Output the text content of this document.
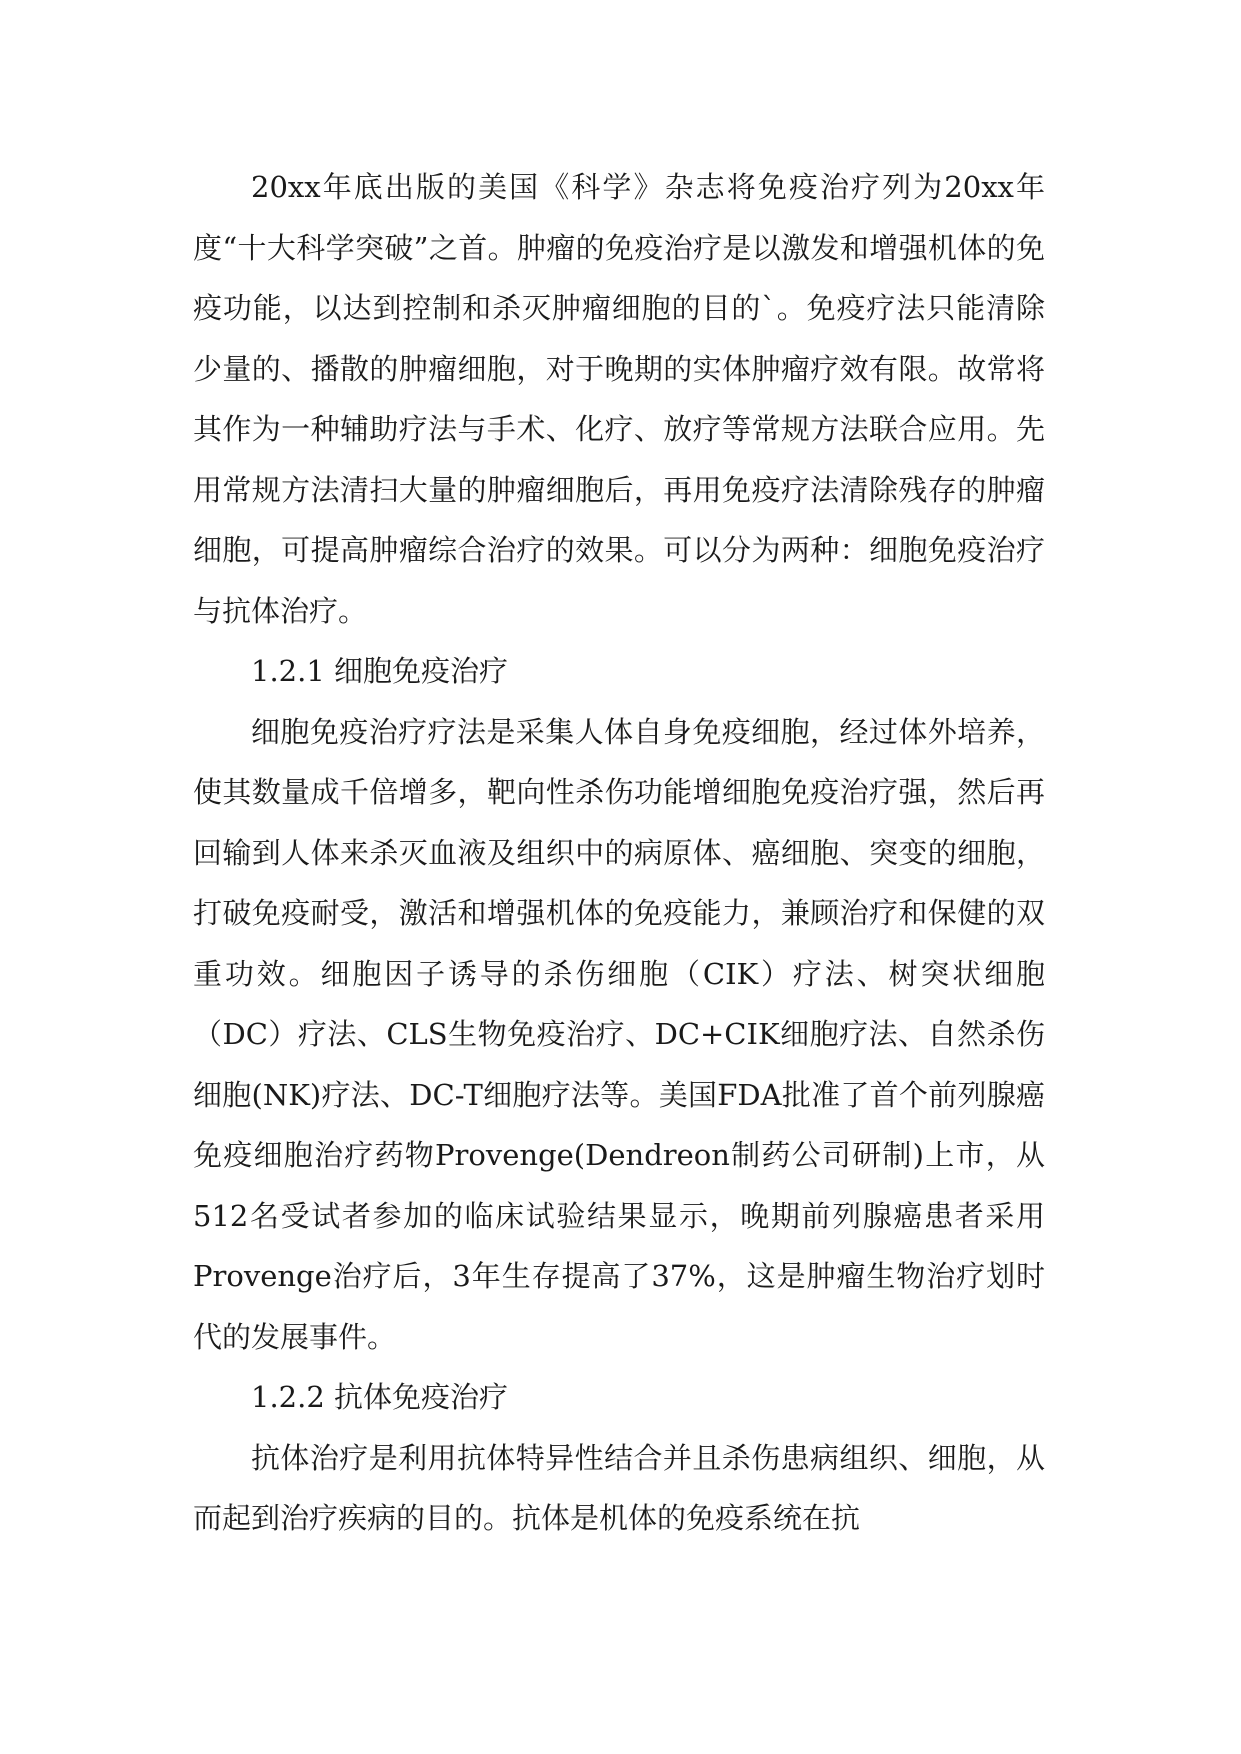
20xx年底出版的美国《科学》杂志将免疫治疗列为20xx年度“十大科学突破”之首。肿瘤的免疫治疗是以激发和增强机体的免疫功能，以达到控制和杀灭肿瘤细胞的目的`。免疫疗法只能清除少量的、播散的肿瘤细胞，对于晚期的实体肿瘤疗效有限。故常将其作为一种辅助疗法与手术、化疗、放疗等常规方法联合应用。先用常规方法清扫大量的肿瘤细胞后，再用免疫疗法清除残存的肿瘤细胞，可提高肿瘤综合治疗的效果。可以分为两种：细胞免疫治疗与抗体治疗。

1.2.1 细胞免疫治疗

细胞免疫治疗疗法是采集人体自身免疫细胞，经过体外培养，使其数量成千倍增多，靶向性杀伤功能增细胞免疫治疗强，然后再回输到人体来杀灭血液及组织中的病原体、癌细胞、突变的细胞，打破免疫耐受，激活和增强机体的免疫能力，兼顾治疗和保健的双重功效。细胞因子诱导的杀伤细胞（CIK）疗法、树突状细胞（DC）疗法、CLS生物免疫治疗、DC+CIK细胞疗法、自然杀伤细胞(NK)疗法、DC-T细胞疗法等。美国FDA批准了首个前列腺癌免疫细胞治疗药物Provenge(Dendreon制药公司研制)上市，从512名受试者参加的临床试验结果显示，晚期前列腺癌患者采用Provenge治疗后，3年生存提高了37%，这是肿瘤生物治疗划时代的发展事件。

1.2.2 抗体免疫治疗

抗体治疗是利用抗体特异性结合并且杀伤患病组织、细胞，从而起到治疗疾病的目的。抗体是机体的免疫系统在抗
